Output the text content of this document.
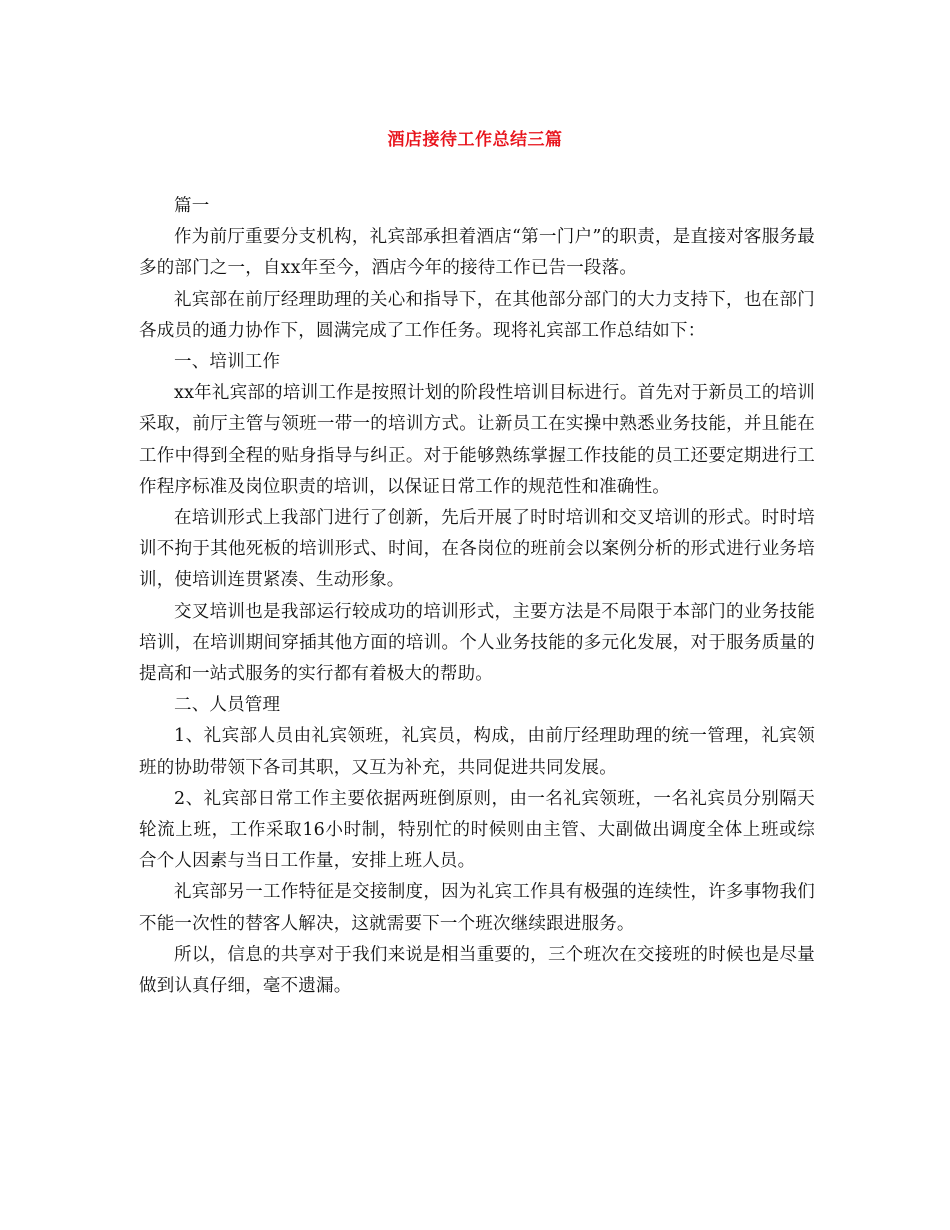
酒店接待工作总结三篇

篇一

作为前厅重要分支机构，礼宾部承担着酒店“第一门户”的职责，是直接对客服务最多的部门之一，自xx年至今，酒店今年的接待工作已告一段落。

礼宾部在前厅经理助理的关心和指导下，在其他部分部门的大力支持下，也在部门各成员的通力协作下，圆满完成了工作任务。现将礼宾部工作总结如下：

一、培训工作

xx年礼宾部的培训工作是按照计划的阶段性培训目标进行。首先对于新员工的培训采取，前厅主管与领班一带一的培训方式。让新员工在实操中熟悉业务技能，并且能在工作中得到全程的贴身指导与纠正。对于能够熟练掌握工作技能的员工还要定期进行工作程序标准及岗位职责的培训，以保证日常工作的规范性和准确性。

在培训形式上我部门进行了创新，先后开展了时时培训和交叉培训的形式。时时培训不拘于其他死板的培训形式、时间，在各岗位的班前会以案例分析的形式进行业务培训，使培训连贯紧凑、生动形象。

交叉培训也是我部运行较成功的培训形式，主要方法是不局限于本部门的业务技能培训，在培训期间穿插其他方面的培训。个人业务技能的多元化发展，对于服务质量的提高和一站式服务的实行都有着极大的帮助。

二、人员管理

1、礼宾部人员由礼宾领班，礼宾员，构成，由前厅经理助理的统一管理，礼宾领班的协助带领下各司其职，又互为补充，共同促进共同发展。

2、礼宾部日常工作主要依据两班倒原则，由一名礼宾领班，一名礼宾员分别隔天轮流上班，工作采取16小时制，特别忙的时候则由主管、大副做出调度全体上班或综合个人因素与当日工作量，安排上班人员。

礼宾部另一工作特征是交接制度，因为礼宾工作具有极强的连续性，许多事物我们不能一次性的替客人解决，这就需要下一个班次继续跟进服务。

所以，信息的共享对于我们来说是相当重要的，三个班次在交接班的时候也是尽量做到认真仔细，毫不遗漏。
